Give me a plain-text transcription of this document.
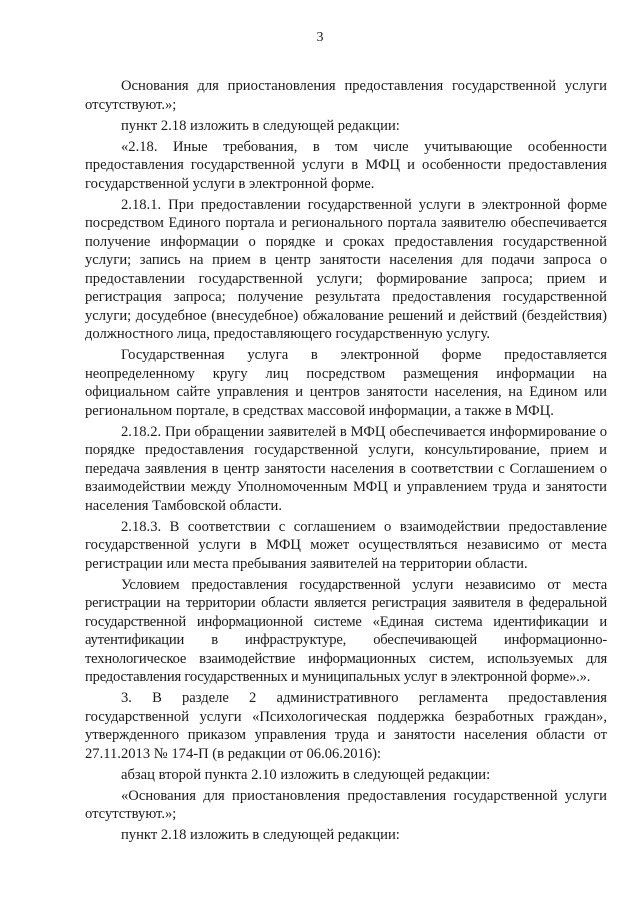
3

Основания для приостановления предоставления государственной услуги отсутствуют.»;

пункт 2.18 изложить в следующей редакции:

«2.18. Иные требования, в том числе учитывающие особенности предоставления государственной услуги в МФЦ и особенности предоставления государственной услуги в электронной форме.

2.18.1. При предоставлении государственной услуги в электронной форме посредством Единого портала и регионального портала заявителю обеспечивается получение информации о порядке и сроках предоставления государственной услуги; запись на прием в центр занятости населения для подачи запроса о предоставлении государственной услуги; формирование запроса; прием и регистрация запроса; получение результата предоставления государственной услуги; досудебное (внесудебное) обжалование решений и действий (бездействия) должностного лица, предоставляющего государственную услугу.

Государственная услуга в электронной форме предоставляется неопределенному кругу лиц посредством размещения информации на официальном сайте управления и центров занятости населения, на Едином или региональном портале, в средствах массовой информации, а также в МФЦ.

2.18.2. При обращении заявителей в МФЦ обеспечивается информирование о порядке предоставления государственной услуги, консультирование, прием и передача заявления в центр занятости населения в соответствии с Соглашением о взаимодействии между Уполномоченным МФЦ и управлением труда и занятости населения Тамбовской области.

2.18.3. В соответствии с соглашением о взаимодействии предоставление государственной услуги в МФЦ может осуществляться независимо от места регистрации или места пребывания заявителей на территории области.

Условием предоставления государственной услуги независимо от места регистрации на территории области является регистрация заявителя в федеральной государственной информационной системе «Единая система идентификации и аутентификации в инфраструктуре, обеспечивающей информационно-технологическое взаимодействие информационных систем, используемых для предоставления государственных и муниципальных услуг в электронной форме».».

3. В разделе 2 административного регламента предоставления государственной услуги «Психологическая поддержка безработных граждан», утвержденного приказом управления труда и занятости населения области от 27.11.2013 № 174-П (в редакции от 06.06.2016):

абзац второй пункта 2.10 изложить в следующей редакции:

«Основания для приостановления предоставления государственной услуги отсутствуют.»;

пункт 2.18 изложить в следующей редакции:
